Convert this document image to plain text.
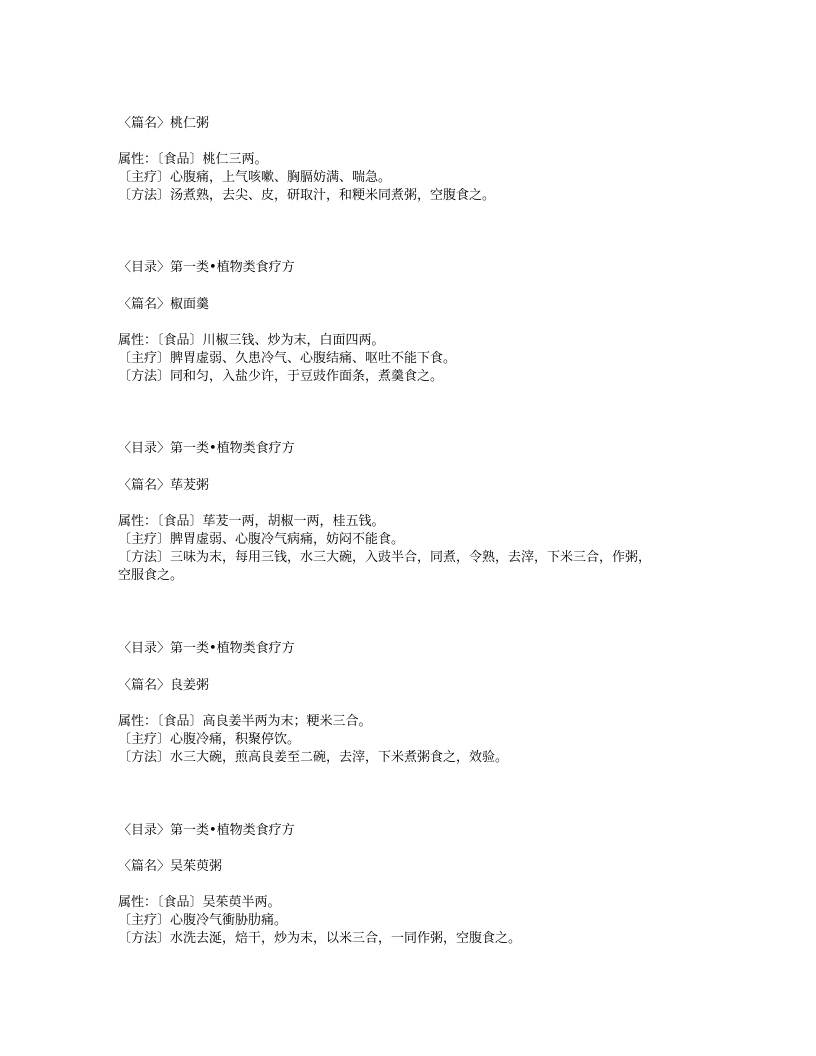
〈篇名〉桃仁粥
属性：〔食品〕桃仁三两。
〔主疗〕心腹痛，上气咳嗽、胸膈妨满、喘急。
〔方法〕汤煮熟，去尖、皮，研取汁，和粳米同煮粥，空腹食之。
〈目录〉第一类•植物类食疗方
〈篇名〉椒面羹
属性：〔食品〕川椒三钱、炒为末，白面四两。
〔主疗〕脾胃虚弱、久患冷气、心腹结痛、呕吐不能下食。
〔方法〕同和匀，入盐少许，于豆豉作面条，煮羹食之。
〈目录〉第一类•植物类食疗方
〈篇名〉荜茇粥
属性：〔食品〕荜茇一两，胡椒一两，桂五钱。
〔主疗〕脾胃虚弱、心腹冷气病痛，妨闷不能食。
〔方法〕三味为末，每用三钱，水三大碗，入豉半合，同煮，令熟，去滓，下米三合，作粥，
空服食之。
〈目录〉第一类•植物类食疗方
〈篇名〉良姜粥
属性：〔食品〕高良姜半两为末；粳米三合。
〔主疗〕心腹冷痛，积聚停饮。
〔方法〕水三大碗，煎高良姜至二碗，去滓，下米煮粥食之，效验。
〈目录〉第一类•植物类食疗方
〈篇名〉吴茱萸粥
属性：〔食品〕吴茱萸半两。
〔主疗〕心腹冷气衝胁肋痛。
〔方法〕水洗去涎，焙干，炒为末，以米三合，一同作粥，空腹食之。
